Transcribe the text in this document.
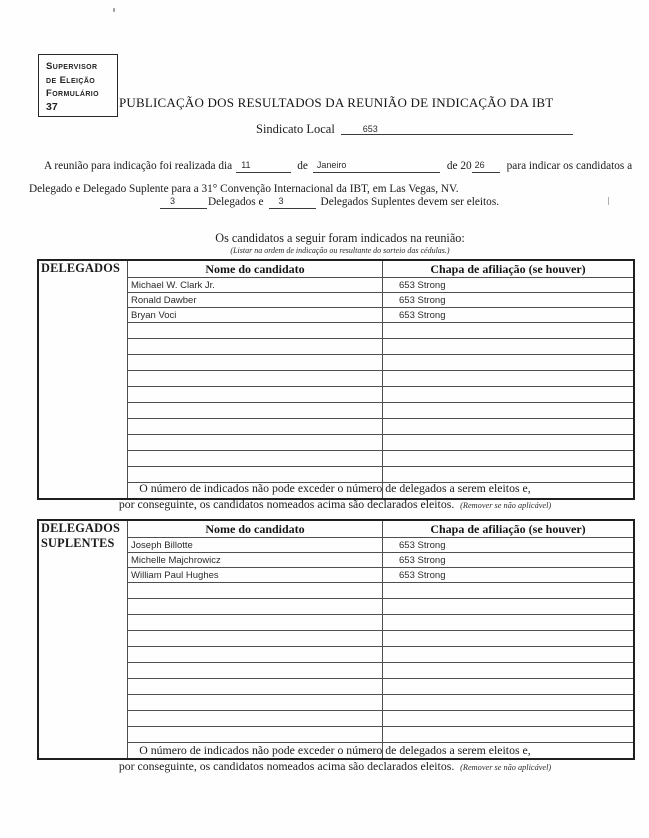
Supervisor
de Eleição
Formulário
37	PUBLICAÇÃO DOS RESULTADOS DA REUNIÃO DE INDICAÇÃO DA IBT
Sindicato Local	653
A reunião para indicação foi realizada dia 11	de Janeiro	de 20 26 para indicar os candidatos a
Delegado e Delegado Suplente para a 31° Convenção Internacional da IBT, em Las Vegas, NV.
3	Delegados e 3	Delegados Suplentes devem ser eleitos.
Os candidatos a seguir foram indicados na reunião:
(Listar na ordem de indicação ou resultante do sorteio das cédulas.)
DELEGADOS	Nome do candidato	Chapa de afiliação (se houver)
	Michael W. Clark Jr.	653 Strong
	Ronald Dawber	653 Strong
	Bryan Voci	653 Strong

O número de indicados não pode exceder o número de delegados a serem eleitos e,
por conseguinte, os candidatos nomeados acima são declarados eleitos. (Remover se não aplicável)
DELEGADOS
SUPLENTES	Nome do candidato	Chapa de afiliação (se houver)
	Joseph Billotte	653 Strong
	Michelle Majchrowicz	653 Strong
	William Paul Hughes	653 Strong

O número de indicados não pode exceder o número de delegados a serem eleitos e,
por conseguinte, os candidatos nomeados acima são declarados eleitos. (Remover se não aplicável)
